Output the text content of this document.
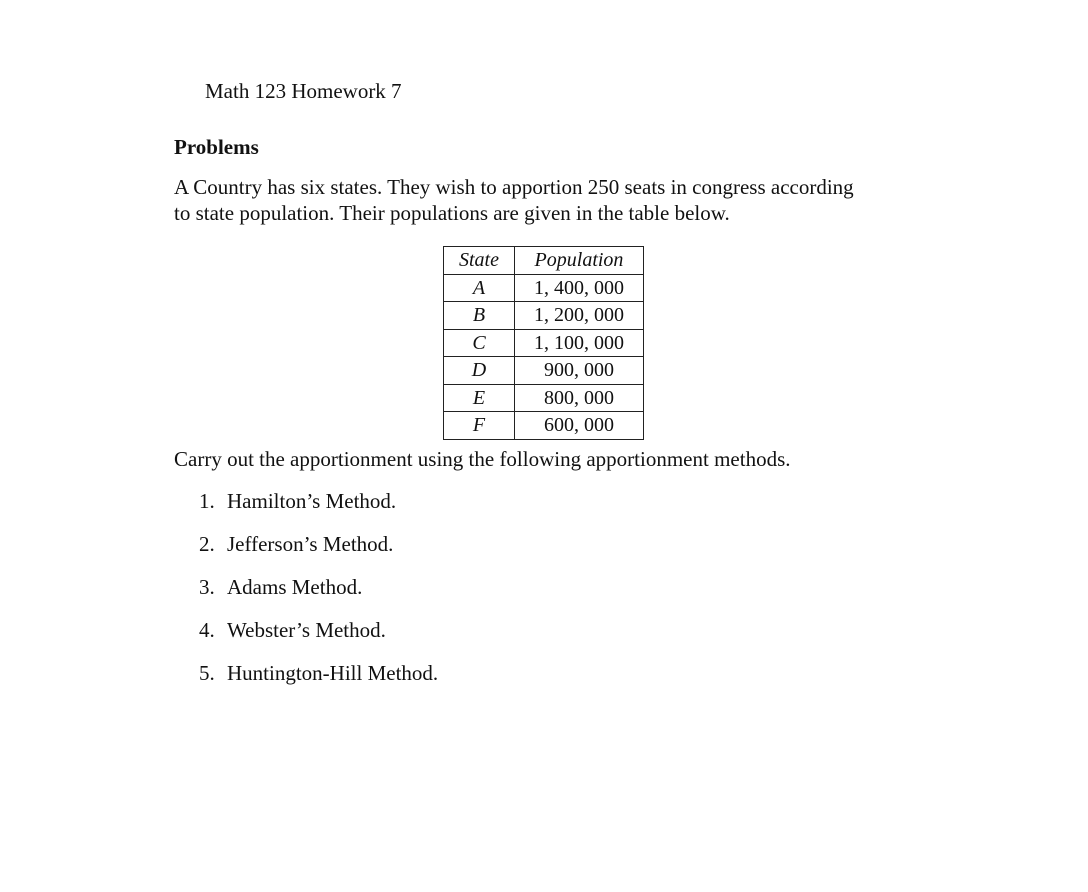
Math 123 Homework 7
Problems
A Country has six states. They wish to apportion 250 seats in congress according
to state population. Their populations are given in the table below.
State	Population
A	1, 400, 000
B	1, 200, 000
C	1, 100, 000
D	900, 000
E	800, 000
F	600, 000
Carry out the apportionment using the following apportionment methods.
1. Hamilton’s Method.
2. Jefferson’s Method.
3. Adams Method.
4. Webster’s Method.
5. Huntington-Hill Method.
